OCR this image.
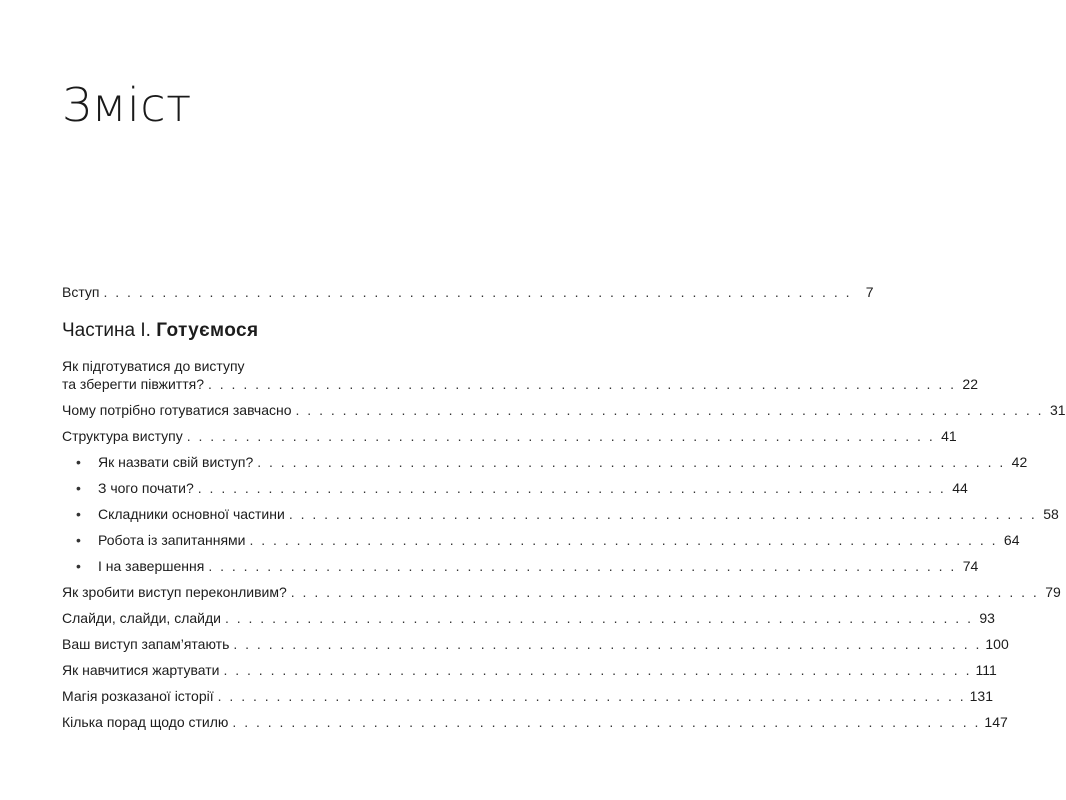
Зміст
Вступ . . . . . . . . . . . . . . . . . . . . . . . . . . . . . . . . . . . . . . . . . . . . . . . . . . . . . . . . . . . . . . . .	7
Частина І. Готуємося
Як підготуватися до виступу
та зберегти півжиття? . . . . . . . . . . . . . . . . . . . . . . . . . . . . . . . . . . . . . . . . . . . . . . . . . . . . . . . . . . . . . . . . 22
Чому потрібно готуватися завчасно . . . . . . . . . . . . . . . . . . . . . . . . . . . . . . . . . . . . . . . . . . . . . . . . . . . . . . . . . . . . . . . . 31
Структура виступу . . . . . . . . . . . . . . . . . . . . . . . . . . . . . . . . . . . . . . . . . . . . . . . . . . . . . . . . . . . . . . . . 41
•	Як назвати свій виступ? . . . . . . . . . . . . . . . . . . . . . . . . . . . . . . . . . . . . . . . . . . . . . . . . . . . . . . . . . . . . . . . . 42
•	З чого почати? . . . . . . . . . . . . . . . . . . . . . . . . . . . . . . . . . . . . . . . . . . . . . . . . . . . . . . . . . . . . . . . . 44
•	Складники основної частини . . . . . . . . . . . . . . . . . . . . . . . . . . . . . . . . . . . . . . . . . . . . . . . . . . . . . . . . . . . . . . . . 58
•	Робота із запитаннями . . . . . . . . . . . . . . . . . . . . . . . . . . . . . . . . . . . . . . . . . . . . . . . . . . . . . . . . . . . . . . . . 64
•	І на завершення . . . . . . . . . . . . . . . . . . . . . . . . . . . . . . . . . . . . . . . . . . . . . . . . . . . . . . . . . . . . . . . . 74
Як зробити виступ переконливим? . . . . . . . . . . . . . . . . . . . . . . . . . . . . . . . . . . . . . . . . . . . . . . . . . . . . . . . . . . . . . . . . 79
Слайди, слайди, слайди . . . . . . . . . . . . . . . . . . . . . . . . . . . . . . . . . . . . . . . . . . . . . . . . . . . . . . . . . . . . . . . . 93
Ваш виступ запам’ятають . . . . . . . . . . . . . . . . . . . . . . . . . . . . . . . . . . . . . . . . . . . . . . . . . . . . . . . . . . . . . . . . 100
Як навчитися жартувати . . . . . . . . . . . . . . . . . . . . . . . . . . . . . . . . . . . . . . . . . . . . . . . . . . . . . . . . . . . . . . . . 111
Магія розказаної історії . . . . . . . . . . . . . . . . . . . . . . . . . . . . . . . . . . . . . . . . . . . . . . . . . . . . . . . . . . . . . . . . 131
Кілька порад щодо стилю . . . . . . . . . . . . . . . . . . . . . . . . . . . . . . . . . . . . . . . . . . . . . . . . . . . . . . . . . . . . . . . . 147
